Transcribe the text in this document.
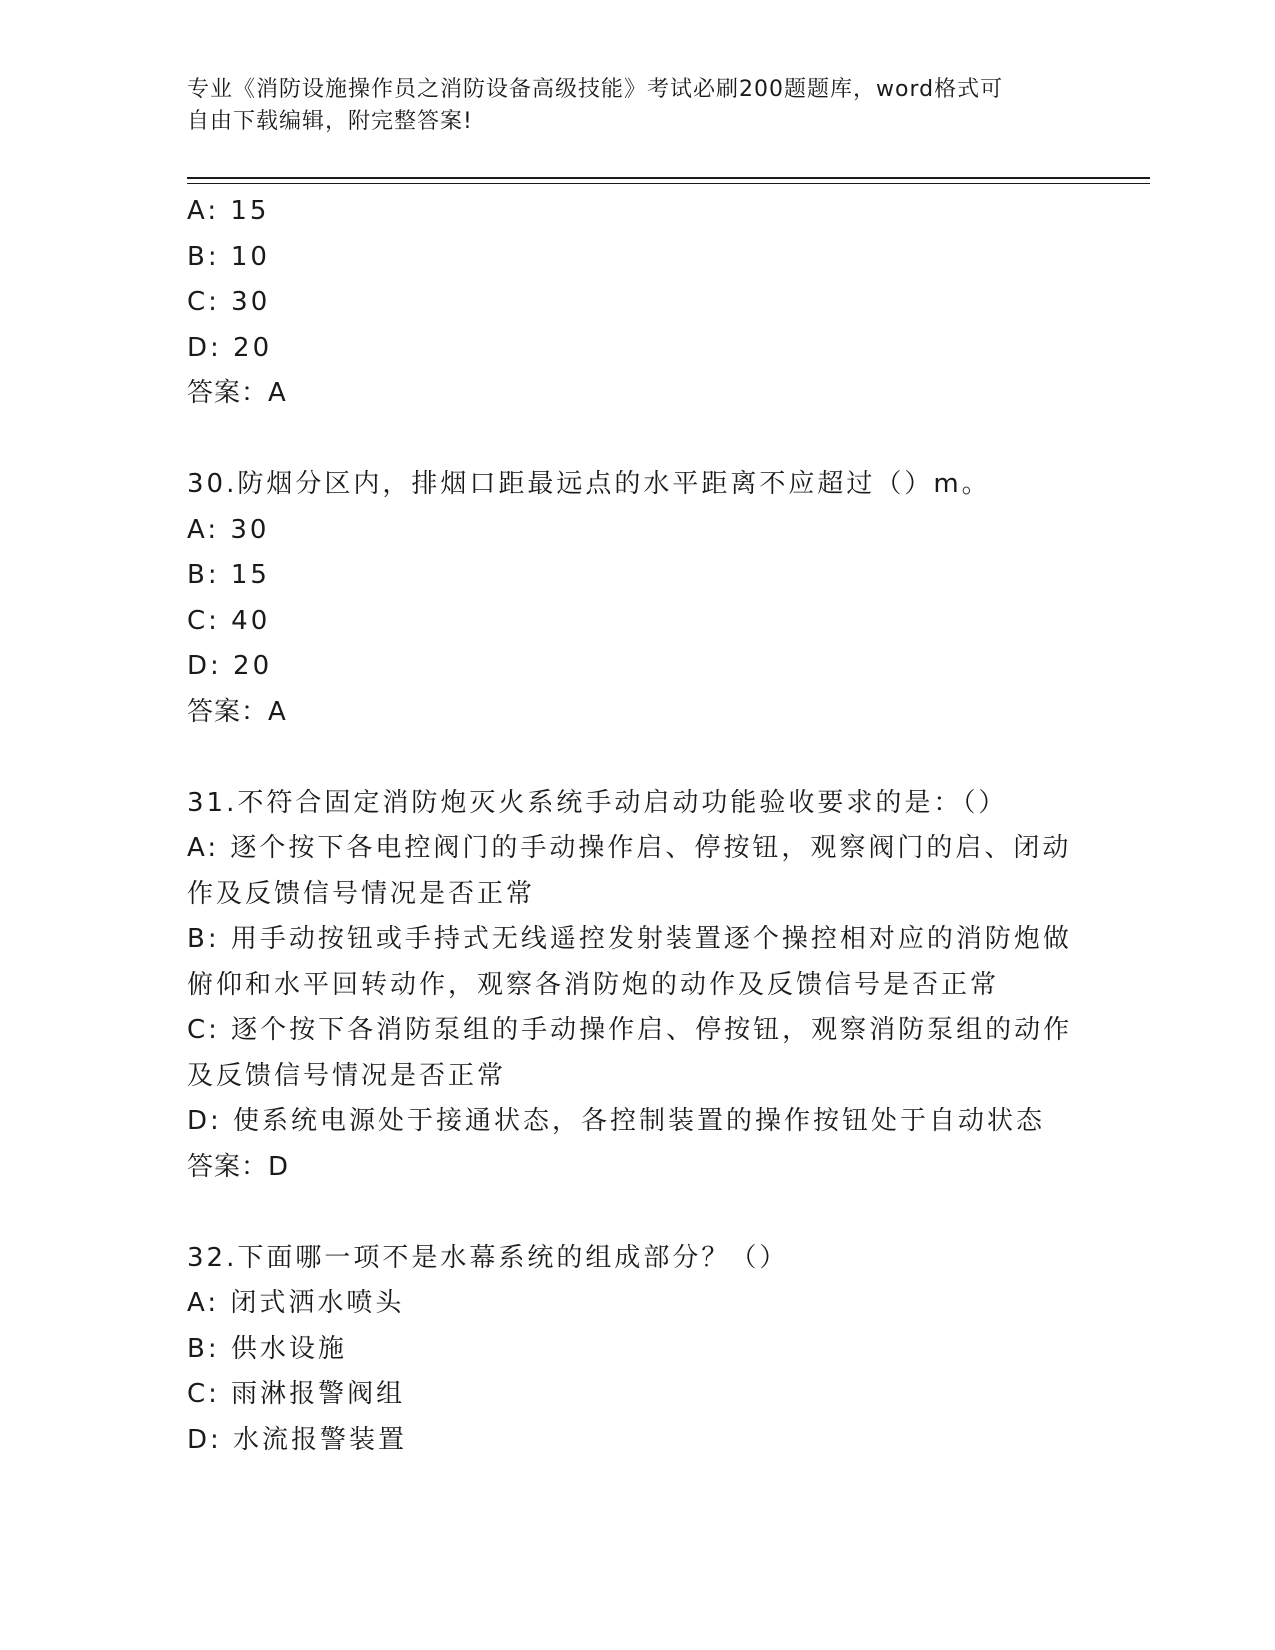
专业《消防设施操作员之消防设备高级技能》考试必刷200题题库，word格式可
自由下载编辑，附完整答案!
A: 15
B: 10
C: 30
D: 20
答案：A
30.防烟分区内，排烟口距最远点的水平距离不应超过（）m。
A: 30
B: 15
C: 40
D: 20
答案：A
31.不符合固定消防炮灭火系统手动启动功能验收要求的是：（）
A: 逐个按下各电控阀门的手动操作启、停按钮，观察阀门的启、闭动作及反馈信号情况是否正常
B: 用手动按钮或手持式无线遥控发射装置逐个操控相对应的消防炮做俯仰和水平回转动作，观察各消防炮的动作及反馈信号是否正常
C: 逐个按下各消防泵组的手动操作启、停按钮，观察消防泵组的动作及反馈信号情况是否正常
D: 使系统电源处于接通状态，各控制装置的操作按钮处于自动状态
答案：D
32.下面哪一项不是水幕系统的组成部分？（）
A: 闭式洒水喷头
B: 供水设施
C: 雨淋报警阀组
D: 水流报警装置
